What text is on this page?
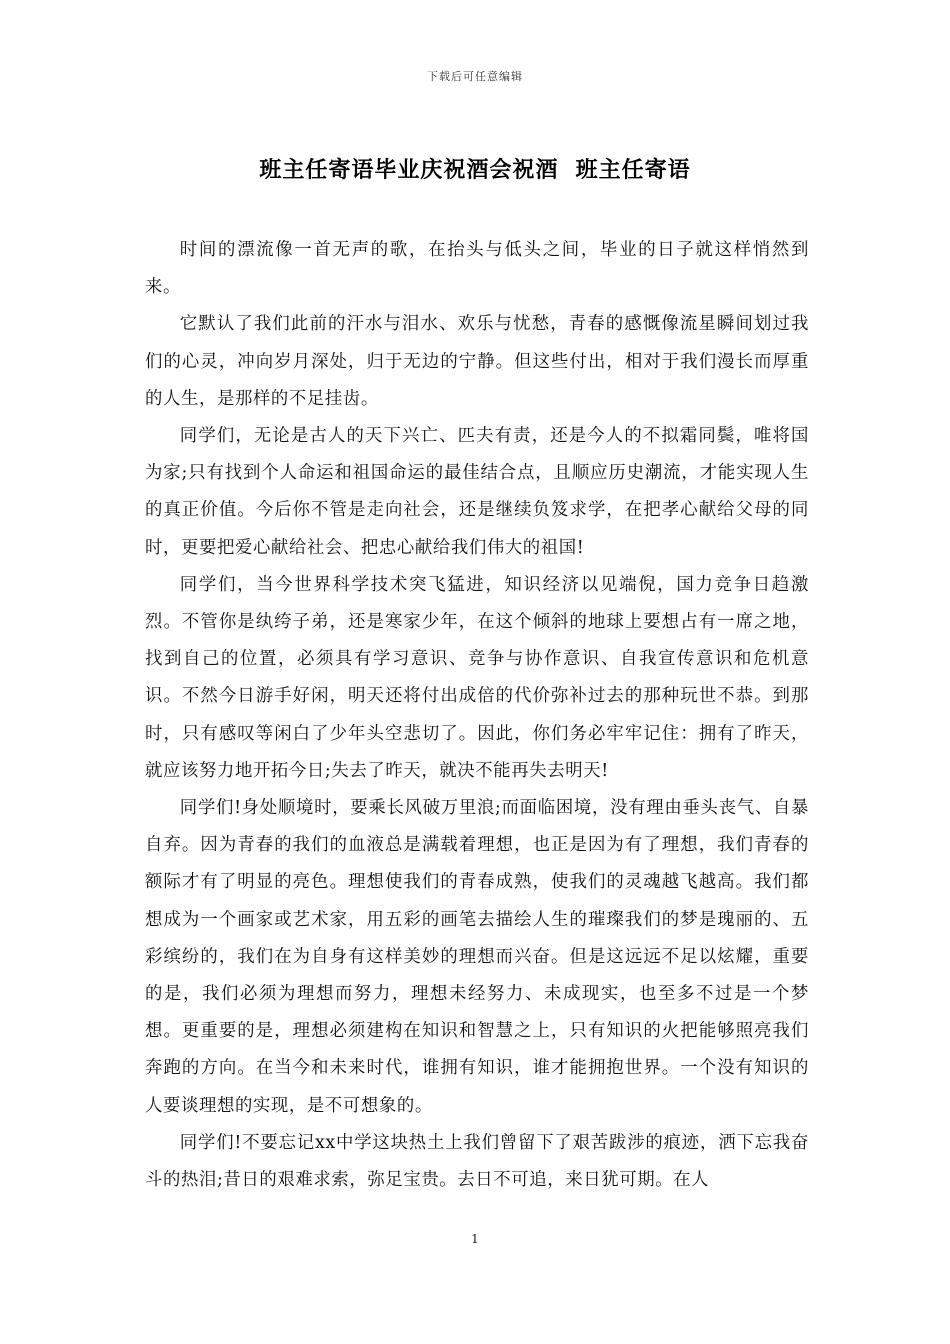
下载后可任意编辑
班主任寄语毕业庆祝酒会祝酒  班主任寄语

时间的漂流像一首无声的歌，在抬头与低头之间，毕业的日子就这样悄然到来。

它默认了我们此前的汗水与泪水、欢乐与忧愁，青春的感慨像流星瞬间划过我们的心灵，冲向岁月深处，归于无边的宁静。但这些付出，相对于我们漫长而厚重的人生，是那样的不足挂齿。

同学们，无论是古人的天下兴亡、匹夫有责，还是今人的不拟霜同鬓，唯将国为家;只有找到个人命运和祖国命运的最佳结合点，且顺应历史潮流，才能实现人生的真正价值。今后你不管是走向社会，还是继续负笈求学，在把孝心献给父母的同时，更要把爱心献给社会、把忠心献给我们伟大的祖国!

同学们，当今世界科学技术突飞猛进，知识经济以见端倪，国力竞争日趋激烈。不管你是纨绔子弟，还是寒家少年，在这个倾斜的地球上要想占有一席之地，找到自己的位置，必须具有学习意识、竞争与协作意识、自我宣传意识和危机意识。不然今日游手好闲，明天还将付出成倍的代价弥补过去的那种玩世不恭。到那时，只有感叹等闲白了少年头空悲切了。因此，你们务必牢牢记住：拥有了昨天，就应该努力地开拓今日;失去了昨天，就决不能再失去明天!

同学们!身处顺境时，要乘长风破万里浪;而面临困境，没有理由垂头丧气、自暴自弃。因为青春的我们的血液总是满载着理想，也正是因为有了理想，我们青春的额际才有了明显的亮色。理想使我们的青春成熟，使我们的灵魂越飞越高。我们都想成为一个画家或艺术家，用五彩的画笔去描绘人生的璀璨我们的梦是瑰丽的、五彩缤纷的，我们在为自身有这样美妙的理想而兴奋。但是这远远不足以炫耀，重要的是，我们必须为理想而努力，理想未经努力、未成现实，也至多不过是一个梦想。更重要的是，理想必须建构在知识和智慧之上，只有知识的火把能够照亮我们奔跑的方向。在当今和未来时代，谁拥有知识，谁才能拥抱世界。一个没有知识的人要谈理想的实现，是不可想象的。

同学们!不要忘记xx中学这块热土上我们曾留下了艰苦跋涉的痕迹，洒下忘我奋斗的热泪;昔日的艰难求索，弥足宝贵。去日不可追，来日犹可期。在人

1
